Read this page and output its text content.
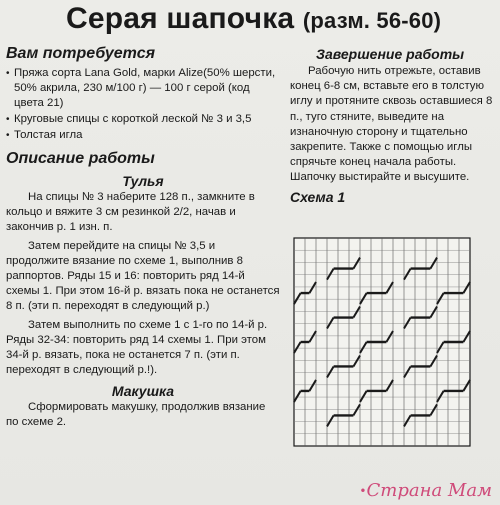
Серая шапочка (разм. 56-60)

Вам потребуется

• Пряжа сорта Lana Gold, марки Alize(50% шерсти, 50% акрила, 230 м/100 г) — 100 г серой (код цвета 21)
• Круговые спицы с короткой леской № 3 и 3,5
• Толстая игла

Описание работы

Тулья

На спицы № 3 наберите 128 п., замкните в кольцо и вяжите 3 см резинкой 2/2, начав и закончив р. 1 изн. п.

Затем перейдите на спицы № 3,5 и продолжите вязание по схеме 1, выполнив 8 раппортов. Ряды 15 и 16: повторить ряд 14-й схемы 1. При этом 16-й р. вязать пока не останется 8 п. (эти п. переходят в следующий р.)

Затем выполнить по схеме 1 с 1-го по 14-й р. Ряды 32-34: повторить ряд 14 схемы 1. При этом 34-й р. вязать, пока не останется 7 п. (эти п. переходят в следующий р.!).

Макушка

Сформировать макушку, продолжив вязание по схеме 2.

Завершение работы

Рабочую нить отрежьте, оставив конец 6-8 см, вставьте его в толстую иглу и протяните сквозь оставшиеся 8 п., туго стяните, выведите на изнаночную сторону и тщательно закрепите. Также с помощью иглы спрячьте конец начала работы. Шапочку выстирайте и высушите.

Схема 1

•Страна Мам
